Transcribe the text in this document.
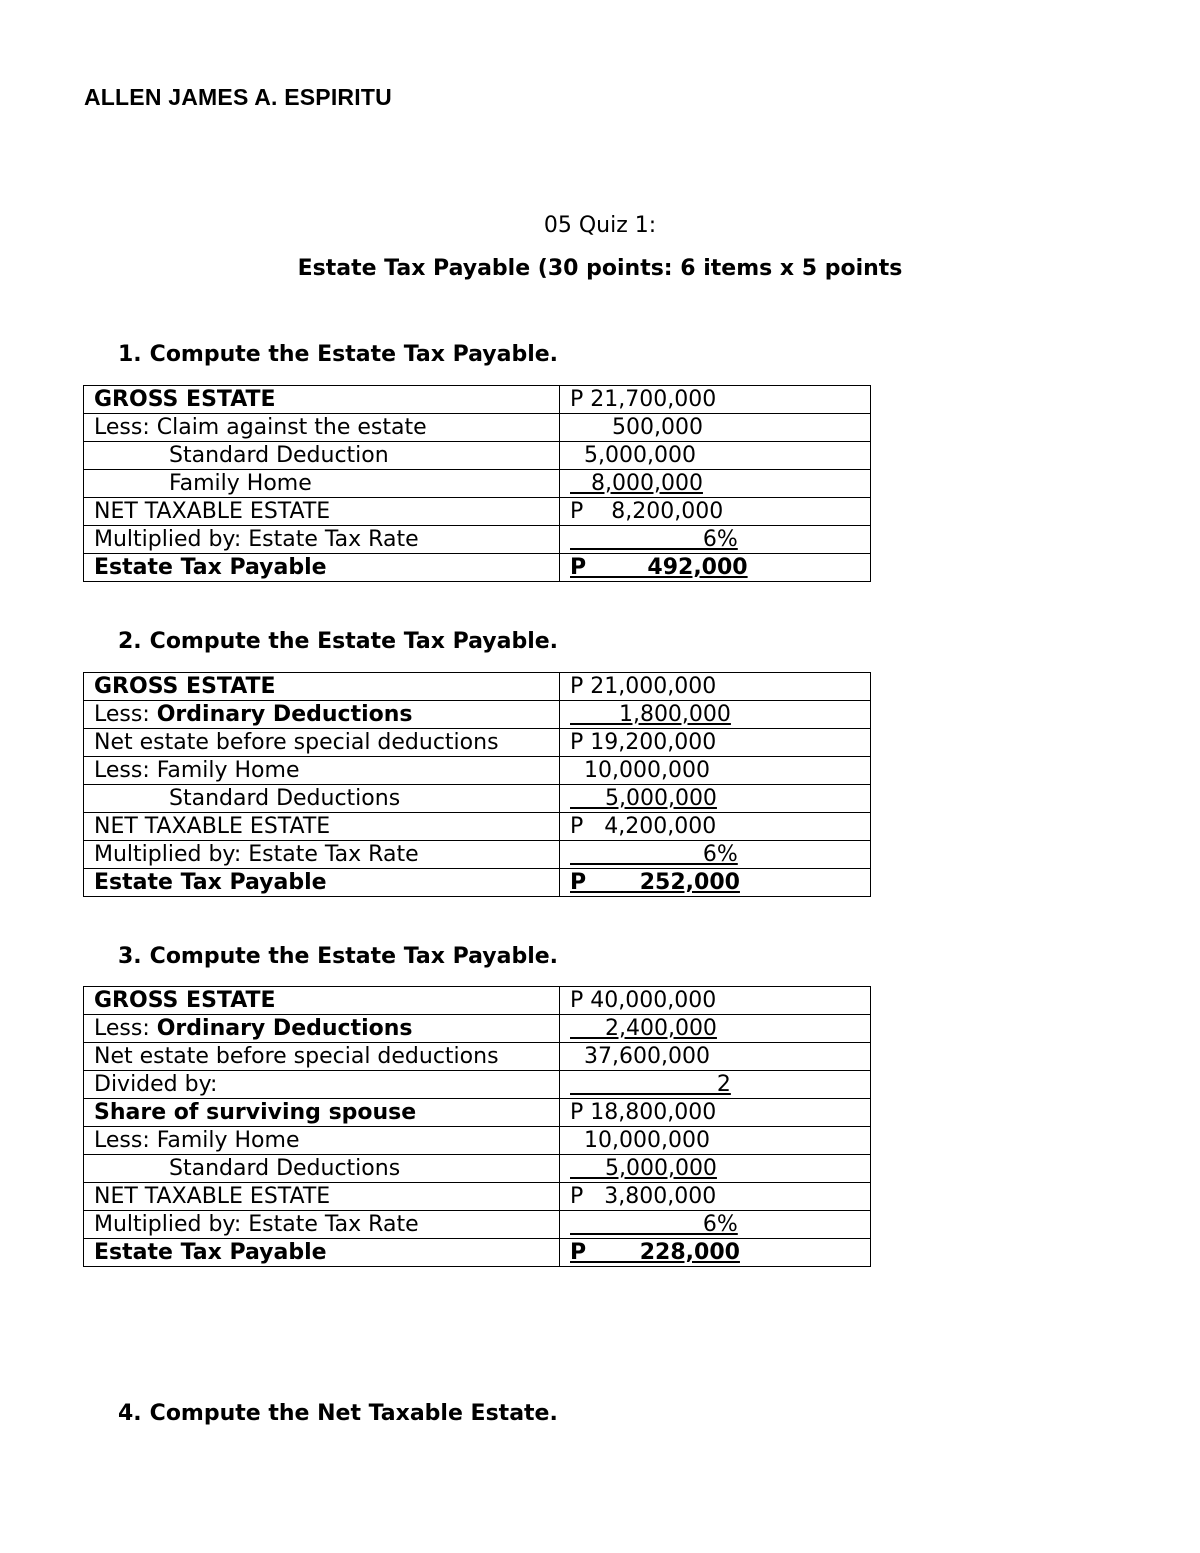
ALLEN JAMES A. ESPIRITU
05 Quiz 1:
Estate Tax Payable (30 points: 6 items x 5 points
1. Compute the Estate Tax Payable.
GROSS ESTATE	P 21,700,000
Less: Claim against the estate	500,000
Standard Deduction	5,000,000
Family Home	8,000,000
NET TAXABLE ESTATE	P    8,200,000
Multiplied by: Estate Tax Rate	6%
Estate Tax Payable	P        492,000
2. Compute the Estate Tax Payable.
GROSS ESTATE	P 21,000,000
Less: Ordinary Deductions	1,800,000
Net estate before special deductions	P 19,200,000
Less: Family Home	10,000,000
Standard Deductions	5,000,000
NET TAXABLE ESTATE	P   4,200,000
Multiplied by: Estate Tax Rate	6%
Estate Tax Payable	P       252,000
3. Compute the Estate Tax Payable.
GROSS ESTATE	P 40,000,000
Less: Ordinary Deductions	2,400,000
Net estate before special deductions	37,600,000
Divided by:	2
Share of surviving spouse	P 18,800,000
Less: Family Home	10,000,000
Standard Deductions	5,000,000
NET TAXABLE ESTATE	P   3,800,000
Multiplied by: Estate Tax Rate	6%
Estate Tax Payable	P       228,000
4. Compute the Net Taxable Estate.
